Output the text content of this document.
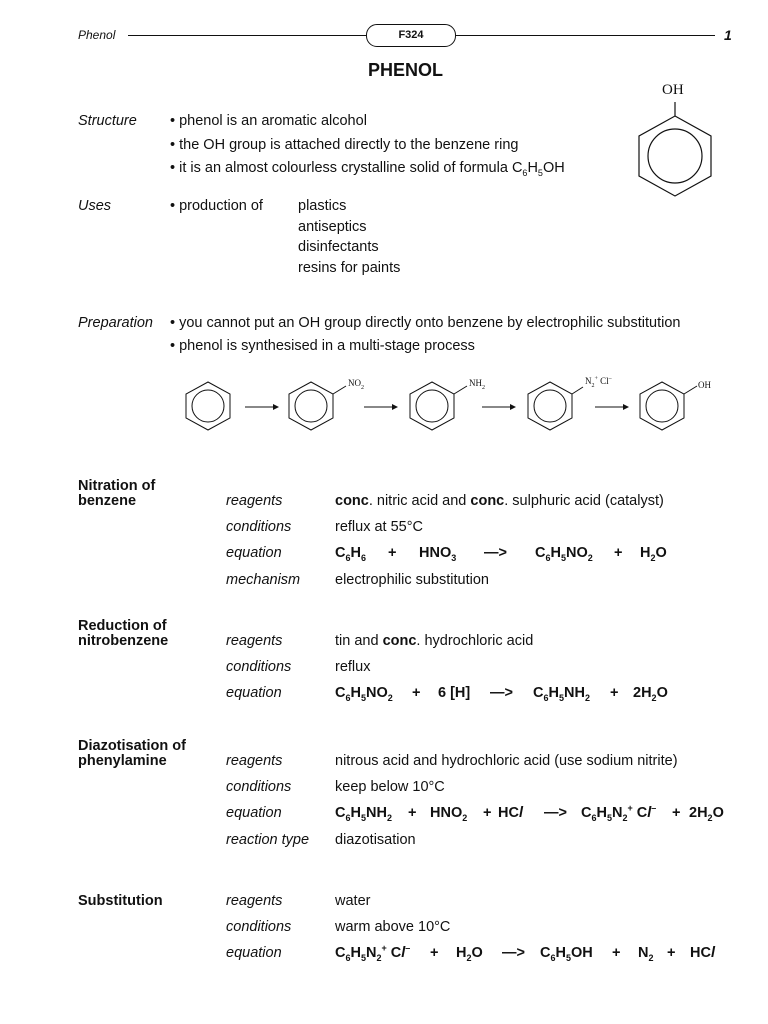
Phenol	F324	1
PHENOL
OH
Structure • phenol is an aromatic alcohol
• the OH group is attached directly to the benzene ring
• it is an almost colourless crystalline solid of formula $C_6H_5OH$
Uses	• production of plastics
antiseptics
disinfectants
resins for paints
Preparation • you cannot put an OH group directly onto benzene by electrophilic substitution
• phenol is synthesised in a multi-stage process
$NO_2$	$NH_2$
$N_2^+$ Cl–
OH
Nitration of
benzene	reagents	conc. nitric acid and conc. sulphuric acid (catalyst)
conditions	reflux at 55°C
equation	$C_6H_6 + HNO_3$ —> $C_6H_5NO_2 + H_2O$
mechanism electrophilic substitution
Reduction of
nitrobenzene	reagents	tin and conc. hydrochloric acid
conditions	reflux
equation	$C_6H_5NO_2 + 6$ [H] —> $C_6H_5NH_2 + 2H_2O$
Diazotisation of
phenylamine	reagents	nitrous acid and hydrochloric acid (use sodium nitrite)
conditions	keep below 10°C
equation	$C_6H_5NH_2 + HNO_2$ + HCl —> $C_6H_5N_2^+$ $Cl^- + 2H_2O$
reaction type diazotisation
Substitution	reagents	water
conditions	warm above 10°C
equation	$C_6H_5N_2^+$ $Cl^- + H_2O$ —> $C_6H_5OH + N_2$ + HCl
